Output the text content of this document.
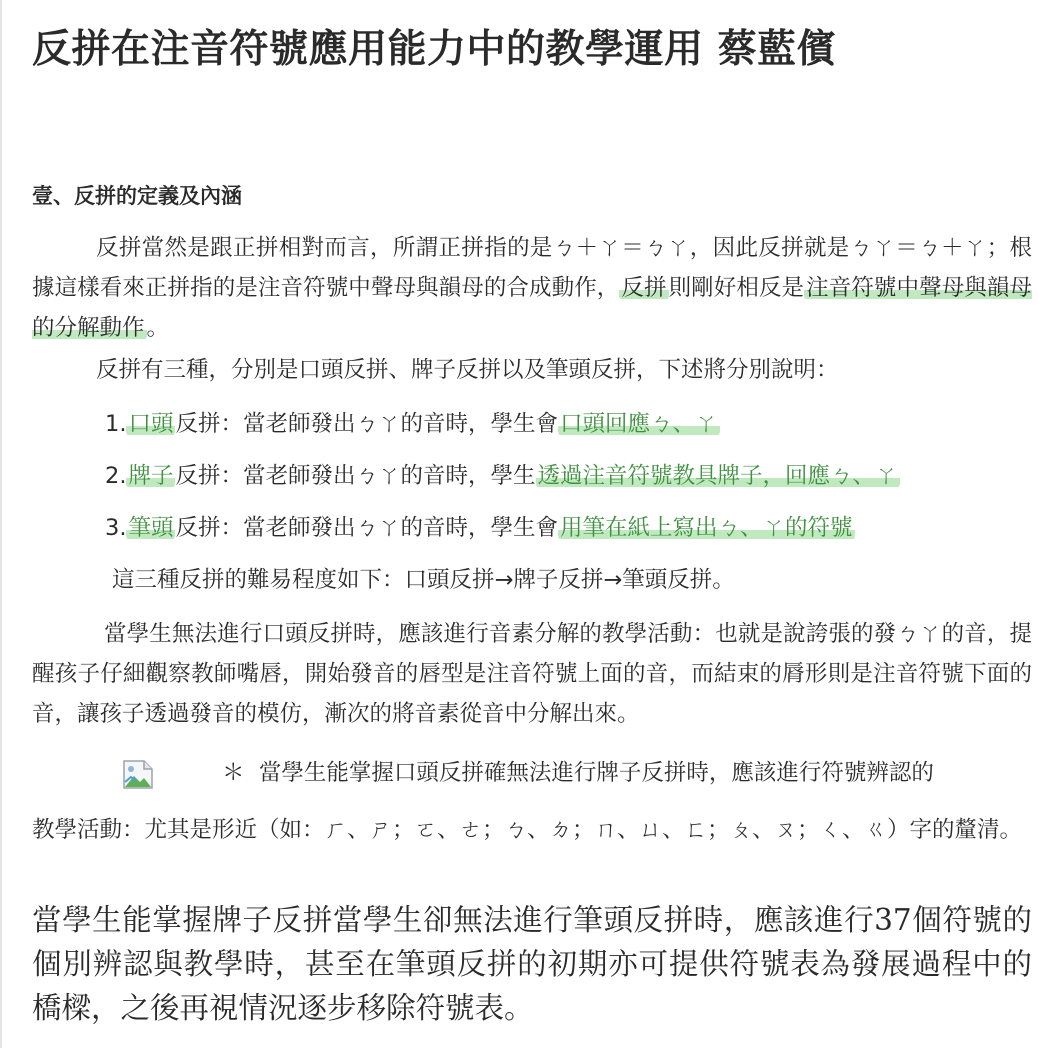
反拼在注音符號應用能力中的教學運用 蔡藍儐
壹、反拼的定義及內涵
反拼當然是跟正拼相對而言，所謂正拼指的是ㄅ＋ㄚ＝ㄅㄚ，因此反拼就是ㄅㄚ＝ㄅ＋ㄚ；根據這樣看來正拼指的是注音符號中聲母與韻母的合成動作，反拼則剛好相反是注音符號中聲母與韻母的分解動作。
反拼有三種，分別是口頭反拼、牌子反拼以及筆頭反拼，下述將分別說明：
1.口頭反拼：當老師發出ㄅㄚ的音時，學生會口頭回應ㄅ、ㄚ
2.牌子反拼：當老師發出ㄅㄚ的音時，學生透過注音符號教具牌子，回應ㄅ、ㄚ
3.筆頭反拼：當老師發出ㄅㄚ的音時，學生會用筆在紙上寫出ㄅ、ㄚ的符號
這三種反拼的難易程度如下：口頭反拼→牌子反拼→筆頭反拼。
當學生無法進行口頭反拼時，應該進行音素分解的教學活動：也就是說誇張的發ㄅㄚ的音，提醒孩子仔細觀察教師嘴唇，開始發音的唇型是注音符號上面的音，而結束的脣形則是注音符號下面的音，讓孩子透過發音的模仿，漸次的將音素從音中分解出來。
＊ 當學生能掌握口頭反拼確無法進行牌子反拼時，應該進行符號辨認的
教學活動：尤其是形近（如：ㄏ、ㄕ；ㄛ、ㄜ；ㄅ、ㄉ；ㄇ、ㄩ、ㄈ；ㄆ、ㄡ；ㄑ、ㄍ）字的釐清。
當學生能掌握牌子反拼當學生卻無法進行筆頭反拼時，應該進行37個符號的個別辨認與教學時，甚至在筆頭反拼的初期亦可提供符號表為發展過程中的橋樑，之後再視情況逐步移除符號表。
